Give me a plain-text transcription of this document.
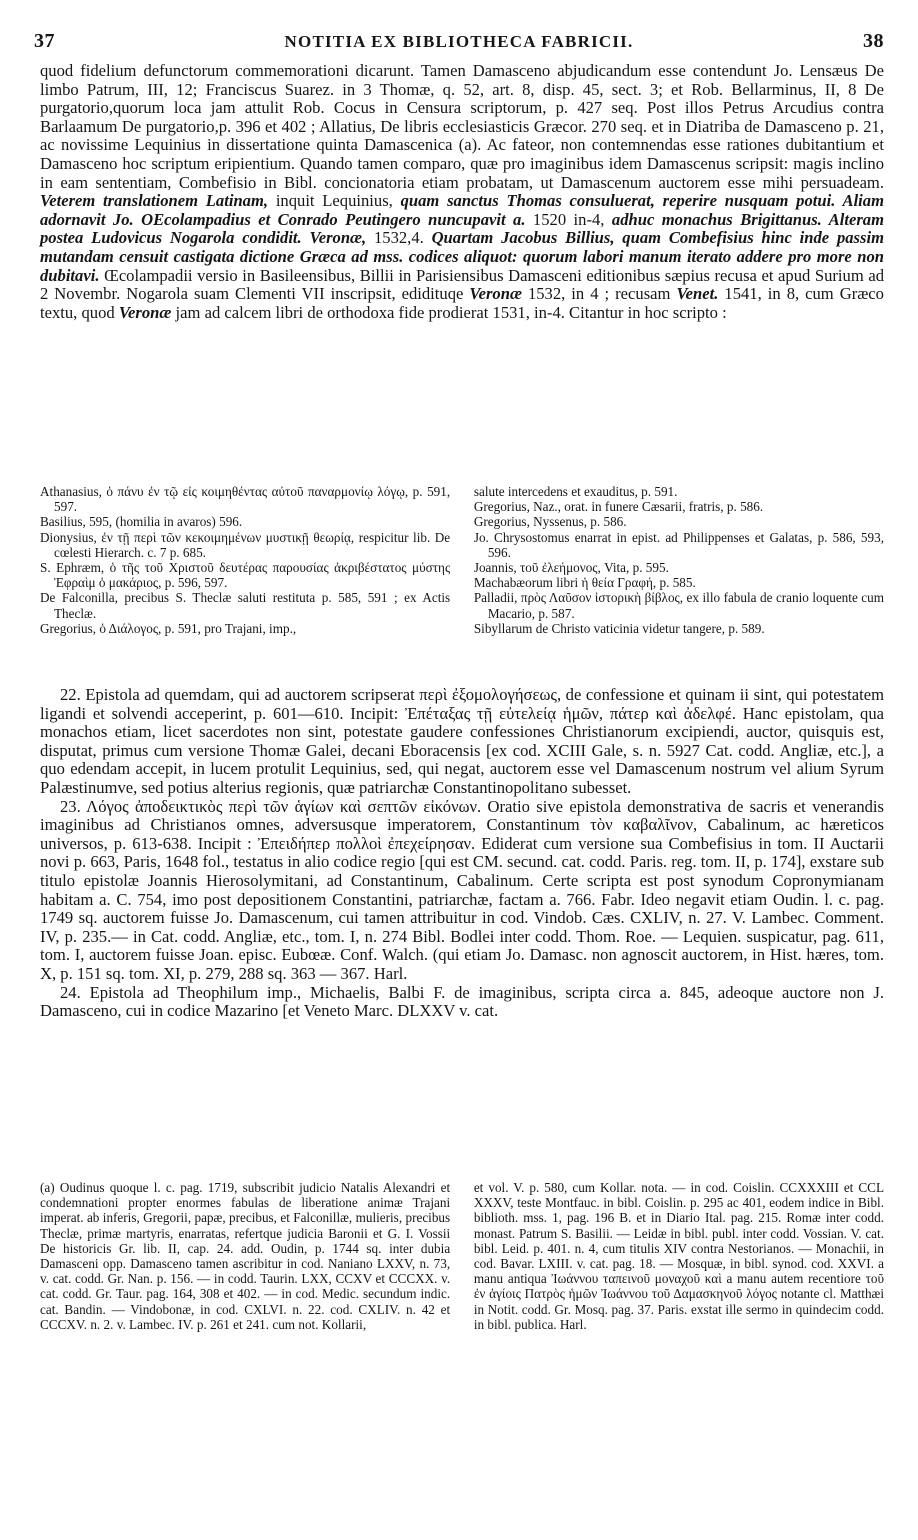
37	NOTITIA EX BIBLIOTHECA FABRICII.	38

quod fidelium defunctorum commemorationi dicarunt. Tamen Damasceno abjudicandum esse contendunt Jo. Lensæus De limbo Patrum, III, 12; Franciscus Suarez. in 3 Thomæ, q. 52, art. 8, disp. 45, sect. 3; et Rob. Bellarminus, II, 8 De purgatorio,quorum loca jam attulit Rob. Cocus in Censura scriptorum, p. 427 seq. Post illos Petrus Arcudius contra Barlaamum De purgatorio,p. 396 et 402 ; Allatius, De libris ecclesiasticis Græcor. 270 seq. et in Diatriba de Damasceno p. 21, ac novissime Lequinius in dissertatione quinta Damascenica (a). Ac fateor, non contemnendas esse rationes dubitantium et Damasceno hoc scriptum eripientium. Quando tamen comparo, quæ pro imaginibus idem Damascenus scripsit: magis inclino in eam sententiam, Combefisio in Bibl. concionatoria etiam probatam, ut Damascenum auctorem esse mihi persuadeam. Veterem translationem Latinam, inquit Lequinius, quam sanctus Thomas consuluerat, reperire nusquam potui. Aliam adornavit Jo. OEcolampadius et Conrado Peutingero nuncupavit a. 1520 in-4, adhuc monachus Brigittanus. Alteram postea Ludovicus Nogarola condidit. Veronæ, 1532,4. Quartam Jacobus Billius, quam Combefisius hinc inde passim mutandam censuit castigata dictione Græca ad mss. codices aliquot: quorum labori manum iterato addere pro more non dubitavi. Œcolampadii versio in Basileensibus, Billii in Parisiensibus Damasceni editionibus sæpius recusa et apud Surium ad 2 Novembr. Nogarola suam Clementi VII inscripsit, edidituqe Veronæ 1532, in 4 ; recusam Venet. 1541, in 8, cum Græco textu, quod Veronæ jam ad calcem libri de orthodoxa fide prodierat 1531, in-4. Citantur in hoc scripto :

Athanasius, ὁ πάνυ ἐν τῷ εἰς κοιμηθέντας αὐτοῦ παναρμονίῳ λόγῳ, p. 591, 597.

Basilius, 595, (homilia in avaros) 596.

Dionysius, ἐν τῇ περὶ τῶν κεκοιμημένων μυστικῇ θεωρίᾳ, respicitur lib. De cœlesti Hierarch. c. 7 p. 685.

S. Ephræm, ὁ τῆς τοῦ Χριστοῦ δευτέρας παρουσίας ἀκριβέστατος μύστης Ἐφραὶμ ὁ μακάριος, p. 596, 597.

De Falconilla, precibus S. Theclæ saluti restituta p. 585, 591 ; ex Actis Theclæ.

Gregorius, ὁ Διάλογος, p. 591, pro Trajani, imp.,

salute intercedens et exauditus, p. 591.

Gregorius, Naz., orat. in funere Cæsarii, fratris, p. 586.

Gregorius, Nyssenus, p. 586.

Jo. Chrysostomus enarrat in epist. ad Philippenses et Galatas, p. 586, 593, 596.

Joannis, τοῦ ἐλεήμονος, Vita, p. 595.

Machabæorum libri ἡ θεία Γραφή, p. 585.

Palladii, πρὸς Λαῦσον ἱστορικὴ βίβλος, ex illo fabula de cranio loquente cum Macario, p. 587.

Sibyllarum de Christo vaticinia videtur tangere, p. 589.

22. Epistola ad quemdam, qui ad auctorem scripserat περὶ ἐξομολογήσεως, de confessione et quinam ii sint, qui potestatem ligandi et solvendi acceperint, p. 601—610. Incipit: Ἐπέταξας τῇ εὐτελείᾳ ἡμῶν, πάτερ καὶ ἀδελφέ. Hanc epistolam, qua monachos etiam, licet sacerdotes non sint, potestate gaudere confessiones Christianorum excipiendi, auctor, quisquis est, disputat, primus cum versione Thomæ Galei, decani Eboracensis [ex cod. XCIII Gale, s. n. 5927 Cat. codd. Angliæ, etc.], a quo edendam accepit, in lucem protulit Lequinius, sed, qui negat, auctorem esse vel Damascenum nostrum vel alium Syrum Palæstinumve, sed potius alterius regionis, quæ patriarchæ Constantinopolitano subesset.

23. Λόγος ἀποδεικτικὸς περὶ τῶν ἁγίων καὶ σεπτῶν εἰκόνων. Oratio sive epistola demonstrativa de sacris et venerandis imaginibus ad Christianos omnes, adversusque imperatorem, Constantinum τὸν καβαλῖνον, Cabalinum, ac hæreticos universos, p. 613-638. Incipit : Ἐπειδήπερ πολλοὶ ἐπεχείρησαν. Ediderat cum versione sua Combefisius in tom. II Auctarii novi p. 663, Paris, 1648 fol., testatus in alio codice regio [qui est CM. secund. cat. codd. Paris. reg. tom. II, p. 174], exstare sub titulo epistolæ Joannis Hierosolymitani, ad Constantinum, Cabalinum. Certe scripta est post synodum Copronymianam habitam a. C. 754, imo post depositionem Constantini, patriarchæ, factam a. 766. Fabr. Ideo negavit etiam Oudin. l. c. pag. 1749 sq. auctorem fuisse Jo. Damascenum, cui tamen attribuitur in cod. Vindob. Cæs. CXLIV, n. 27. V. Lambec. Comment. IV, p. 235.— in Cat. codd. Angliæ, etc., tom. I, n. 274 Bibl. Bodlei inter codd. Thom. Roe. — Lequien. suspicatur, pag. 611, tom. I, auctorem fuisse Joan. episc. Eubœæ. Conf. Walch. (qui etiam Jo. Damasc. non agnoscit auctorem, in Hist. hæres, tom. X, p. 151 sq. tom. XI, p. 279, 288 sq. 363 — 367. Harl.

24. Epistola ad Theophilum imp., Michaelis, Balbi F. de imaginibus, scripta circa a. 845, adeoque auctore non J. Damasceno, cui in codice Mazarino [et Veneto Marc. DLXXV v. cat.

(a) Oudinus quoque l. c. pag. 1719, subscribit judicio Natalis Alexandri et condemnationi propter enormes fabulas de liberatione animæ Trajani imperat. ab inferis, Gregorii, papæ, precibus, et Falconillæ, mulieris, precibus Theclæ, primæ martyris, enarratas, refertque judicia Baronii et G. I. Vossii De historicis Gr. lib. II, cap. 24. add. Oudin, p. 1744 sq. inter dubia Damasceni opp. Damasceno tamen ascribitur in cod. Naniano LXXV, n. 73, v. cat. codd. Gr. Nan. p. 156. — in codd. Taurin. LXX, CCXV et CCCXX. v. cat. codd. Gr. Taur. pag. 164, 308 et 402. — in cod. Medic. secundum indic. cat. Bandin. — Vindobonæ, in cod. CXLVI. n. 22. cod. CXLIV. n. 42 et CCCXV. n. 2. v. Lambec. IV. p. 261 et 241. cum not. Kollarii,

et vol. V. p. 580, cum Kollar. nota. — in cod. Coislin. CCXXXIII et CCL XXXV, teste Montfauc. in bibl. Coislin. p. 295 ac 401, eodem indice in Bibl. biblioth. mss. 1, pag. 196 B. et in Diario Ital. pag. 215. Romæ inter codd. monast. Patrum S. Basilii. — Leidæ in bibl. publ. inter codd. Vossian. V. cat. bibl. Leid. p. 401. n. 4, cum titulis XIV contra Nestorianos. — Monachii, in cod. Bavar. LXIII. v. cat. pag. 18. — Mosquæ, in bibl. synod. cod. XXVI. a manu antiqua Ἰωάννου ταπεινοῦ μοναχοῦ καὶ a manu autem recentiore τοῦ ἐν ἁγίοις Πατρὸς ἡμῶν Ἰωάννου τοῦ Δαμασκηνοῦ λόγος notante cl. Matthæi in Notit. codd. Gr. Mosq. pag. 37. Paris. exstat ille sermo in quindecim codd. in bibl. publica. Harl.
